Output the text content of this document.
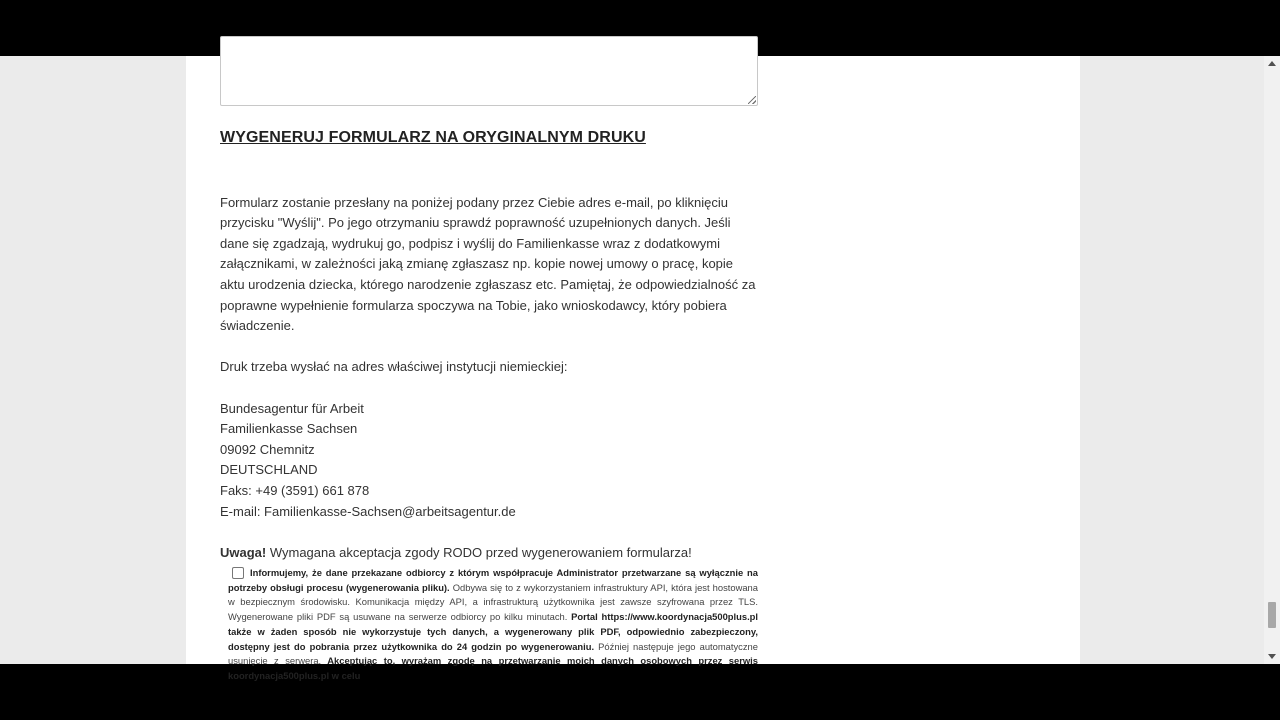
WYGENERUJ FORMULARZ NA ORYGINALNYM DRUKU

Formularz zostanie przesłany na poniżej podany przez Ciebie adres e-mail, po kliknięciu przycisku "Wyślij". Po jego otrzymaniu sprawdź poprawność uzupełnionych danych. Jeśli dane się zgadzają, wydrukuj go, podpisz i wyślij do Familienkasse wraz z dodatkowymi załącznikami, w zależności jaką zmianę zgłaszasz np. kopie nowej umowy o pracę, kopie aktu urodzenia dziecka, którego narodzenie zgłaszasz etc. Pamiętaj, że odpowiedzialność za poprawne wypełnienie formularza spoczywa na Tobie, jako wnioskodawcy, który pobiera świadczenie.

Druk trzeba wysłać na adres właściwej instytucji niemieckiej:

Bundesagentur für Arbeit
Familienkasse Sachsen
09092 Chemnitz
DEUTSCHLAND
Faks: +49 (3591) 661 878
E-mail: Familienkasse-Sachsen@arbeitsagentur.de

Uwaga! Wymagana akceptacja zgody RODO przed wygenerowaniem formularza!

Informujemy, że dane przekazane odbiorcy z którym współpracuje Administrator przetwarzane są wyłącznie na potrzeby obsługi procesu (wygenerowania pliku). Odbywa się to z wykorzystaniem infrastruktury API, która jest hostowana w bezpiecznym środowisku. Komunikacja między API, a infrastrukturą użytkownika jest zawsze szyfrowana przez TLS. Wygenerowane pliki PDF są usuwane na serwerze odbiorcy po kilku minutach. Portal https://www.koordynacja500plus.pl także w żaden sposób nie wykorzystuje tych danych, a wygenerowany plik PDF, odpowiednio zabezpieczony, dostępny jest do pobrania przez użytkownika do 24 godzin po wygenerowaniu. Później następuje jego automatyczne usunięcie z serwera. Akceptując to, wyrażam zgodę na przetwarzanie moich danych osobowych przez serwis koordynacja500plus.pl w celu
